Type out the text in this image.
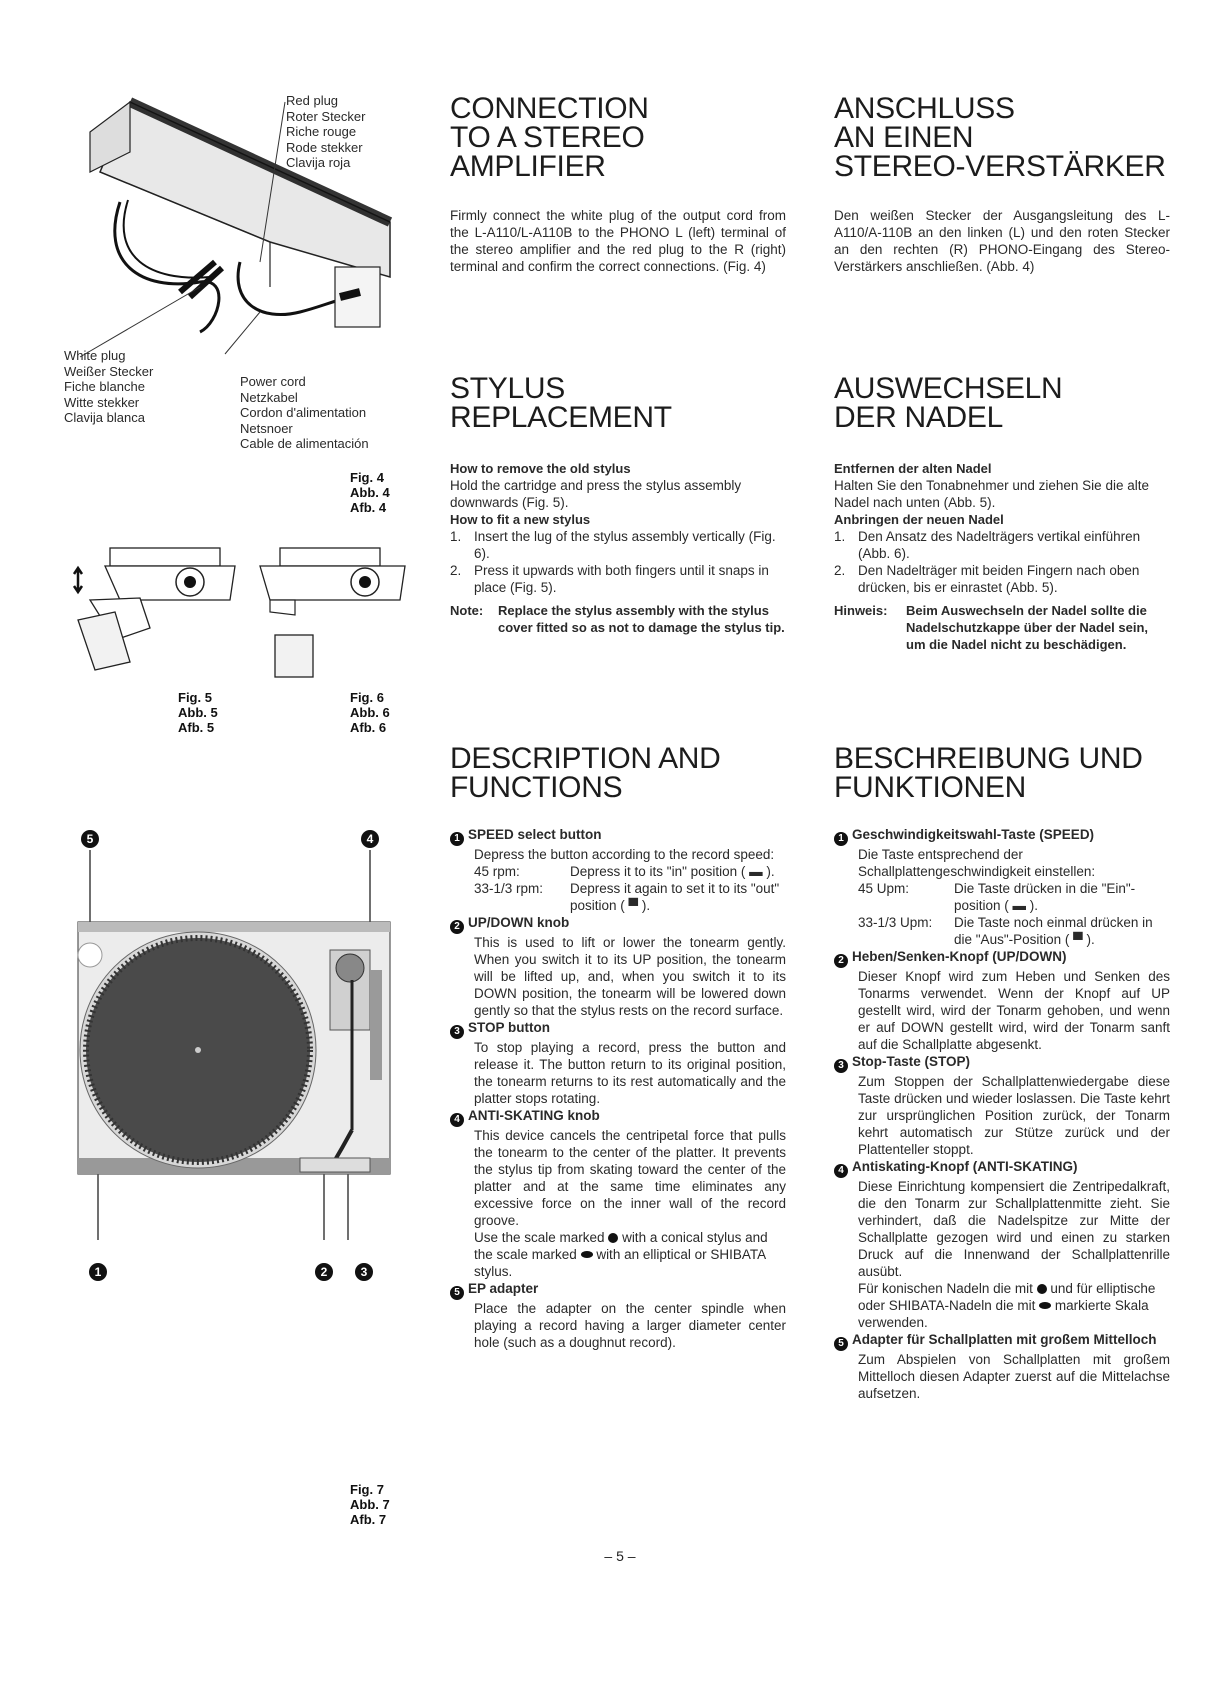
Red plug
Roter Stecker
Riche rouge
Rode stekker
Clavija roja
White plug
Weißer Stecker
Fiche blanche
Witte stekker
Clavija blanca
Power cord
Netzkabel
Cordon d'alimentation
Netsnoer
Cable de alimentación
Fig. 4
Abb. 4
Afb. 4
Fig. 5
Abb. 5
Afb. 5
Fig. 6
Abb. 6
Afb. 6
5	4
1	2	3
Fig. 7
Abb. 7
Afb. 7
CONNECTION
TO A STEREO
AMPLIFIER

Firmly connect the white plug of the output cord from the L-A110/L-A110B to the PHONO L (left) terminal of the stereo amplifier and the red plug to the R (right) terminal and confirm the correct connections. (Fig. 4)

STYLUS
REPLACEMENT
How to remove the old stylus
Hold the cartridge and press the stylus assembly downwards (Fig. 5).
How to fit a new stylus
1. Insert the lug of the stylus assembly vertically (Fig. 6).
2. Press it upwards with both fingers until it snaps in place (Fig. 5).
Note:	Replace the stylus assembly with the stylus cover fitted so as not to damage the stylus tip.
DESCRIPTION AND
FUNCTIONS
1 SPEED select button
Depress the button according to the record speed:
45 rpm:	Depress it to its "in" position ( ▬ ).
33-1/3 rpm:	Depress it again to set it to its "out" position ( ▀ ).
2 UP/DOWN knob
This is used to lift or lower the tonearm gently. When you switch it to its UP position, the tonearm will be lifted up, and, when you switch it to its DOWN position, the tonearm will be lowered down gently so that the stylus rests on the record surface.
3 STOP button
To stop playing a record, press the button and release it. The button return to its original position, the tonearm returns to its rest automatically and the platter stops rotating.
4 ANTI-SKATING knob
This device cancels the centripetal force that pulls the tonearm to the center of the platter. It prevents the stylus tip from skating toward the center of the platter and at the same time eliminates any excessive force on the inner wall of the record groove.
Use the scale marked  with a conical stylus and the scale marked  with an elliptical or SHIBATA stylus.
5 EP adapter
Place the adapter on the center spindle when playing a record having a larger diameter center hole (such as a doughnut record).
ANSCHLUSS
AN EINEN
STEREO-VERSTÄRKER

Den weißen Stecker der Ausgangsleitung des L-A110/A-110B an den linken (L) und den roten Stecker an den rechten (R) PHONO-Eingang des Stereo-Verstärkers anschließen. (Abb. 4)

AUSWECHSELN
DER NADEL
Entfernen der alten Nadel
Halten Sie den Tonabnehmer und ziehen Sie die alte Nadel nach unten (Abb. 5).
Anbringen der neuen Nadel
1. Den Ansatz des Nadelträgers vertikal einführen (Abb. 6).
2. Den Nadelträger mit beiden Fingern nach oben drücken, bis er einrastet (Abb. 5).
Hinweis:	Beim Auswechseln der Nadel sollte die Nadelschutzkappe über der Nadel sein, um die Nadel nicht zu beschädigen.
BESCHREIBUNG UND
FUNKTIONEN
1 Geschwindigkeitswahl-Taste (SPEED)
Die Taste entsprechend der Schallplattengeschwindigkeit einstellen:
45 Upm:	Die Taste drücken in die "Ein"-position ( ▬ ).
33-1/3 Upm:	Die Taste noch einmal drücken in die "Aus"-Position ( ▀ ).
2 Heben/Senken-Knopf (UP/DOWN)
Dieser Knopf wird zum Heben und Senken des Tonarms verwendet. Wenn der Knopf auf UP gestellt wird, wird der Tonarm gehoben, und wenn er auf DOWN gestellt wird, wird der Tonarm sanft auf die Schallplatte abgesenkt.
3 Stop-Taste (STOP)
Zum Stoppen der Schallplattenwiedergabe diese Taste drücken und wieder loslassen. Die Taste kehrt zur ursprünglichen Position zurück, der Tonarm kehrt automatisch zur Stütze zurück und der Plattenteller stoppt.
4 Antiskating-Knopf (ANTI-SKATING)
Diese Einrichtung kompensiert die Zentripedalkraft, die den Tonarm zur Schallplattenmitte zieht. Sie verhindert, daß die Nadelspitze zur Mitte der Schallplatte gezogen wird und einen zu starken Druck auf die Innenwand der Schallplattenrille ausübt.
Für konischen Nadeln die mit  und für elliptische oder SHIBATA-Nadeln die mit  markierte Skala verwenden.
5 Adapter für Schallplatten mit großem Mittelloch
Zum Abspielen von Schallplatten mit großem Mittelloch diesen Adapter zuerst auf die Mittelachse aufsetzen.
– 5 –
